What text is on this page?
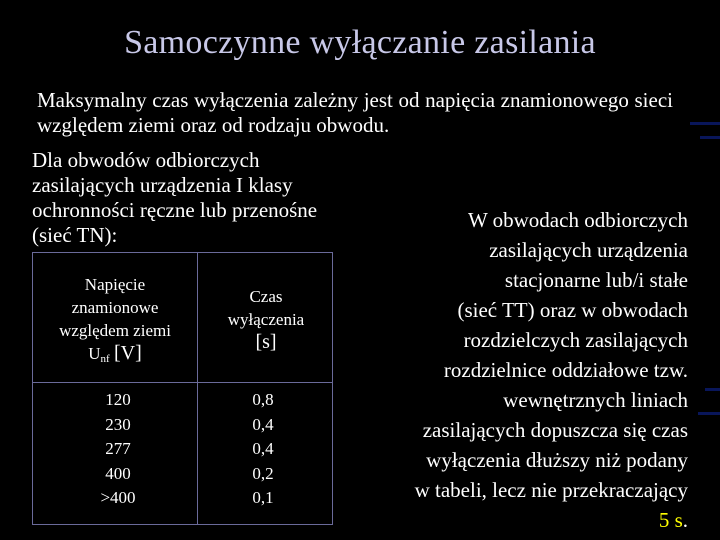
Samoczynne wyłączanie zasilania
Maksymalny czas wyłączenia zależny jest od napięcia znamionowego sieci względem ziemi oraz od rodzaju obwodu.
Dla obwodów odbiorczych zasilających urządzenia I klasy ochronności ręczne lub przenośne (sieć TN):
Napięcie
znamionowe
względem ziemi
$U_{nf}$ [V]
Czas
wyłączenia
[s]
120
230
277
400
>400
0,8
0,4
0,4
0,2
0,1
W obwodach odbiorczych
zasilających urządzenia
stacjonarne lub/i stałe
(sieć TT) oraz w obwodach
rozdzielczych zasilających
rozdzielnice oddziałowe tzw.
wewnętrznych liniach
zasilających dopuszcza się czas
wyłączenia dłuższy niż podany
w tabeli, lecz nie przekraczający
5 s.
